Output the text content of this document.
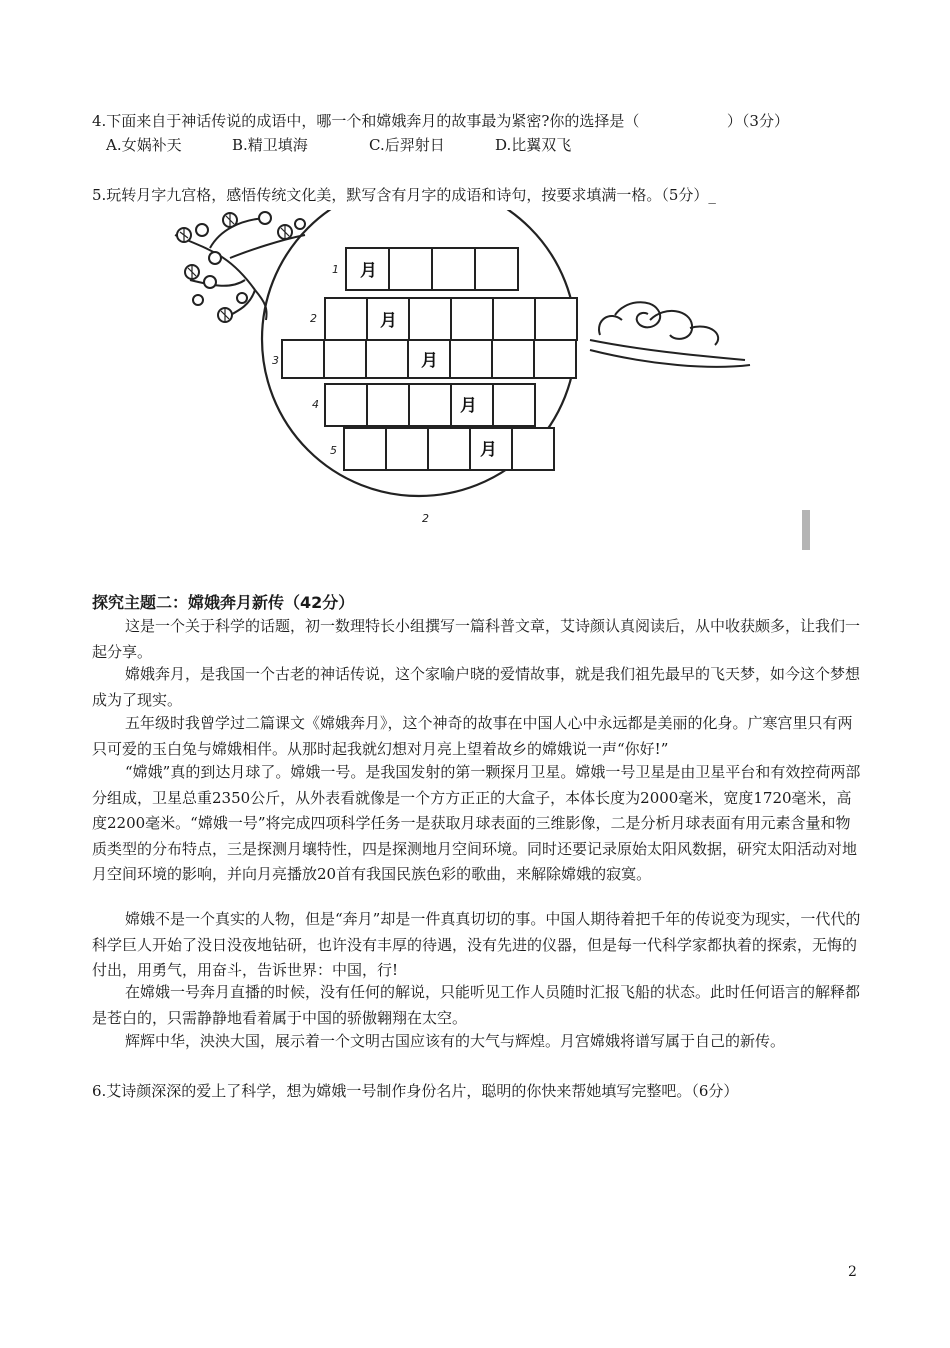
4.下面来自于神话传说的成语中，哪一个和嫦娥奔月的故事最为紧密?你的选择是（	）（3分）
A.女娲补天	B.精卫填海	C.后羿射日	D.比翼双飞
5.玩转月字九宫格，感悟传统文化美，默写含有月字的成语和诗句，按要求填满一格。（5分）_
月
月
月
月
月
1
2
3
4
5
2
探究主题二：嫦娥奔月新传（42分）

这是一个关于科学的话题，初一数理特长小组撰写一篇科普文章，艾诗颜认真阅读后，从中收获颇多，让我们一起分享。

嫦娥奔月，是我国一个古老的神话传说，这个家喻户晓的爱情故事，就是我们祖先最早的飞天梦，如今这个梦想成为了现实。

五年级时我曾学过二篇课文《嫦娥奔月》，这个神奇的故事在中国人心中永远都是美丽的化身。广寒宫里只有两只可爱的玉白兔与嫦娥相伴。从那时起我就幻想对月亮上望着故乡的嫦娥说一声“你好!”

“嫦娥”真的到达月球了。嫦娥一号。是我国发射的第一颗探月卫星。嫦娥一号卫星是由卫星平台和有效控荷两部分组成，卫星总重2350公斤，从外表看就像是一个方方正正的大盒子，本体长度为2000毫米，宽度1720毫米，高度2200毫米。“嫦娥一号”将完成四项科学任务一是获取月球表面的三维影像，二是分析月球表面有用元素含量和物质类型的分布特点，三是探测月壤特性，四是探测地月空间环境。同时还要记录原始太阳风数据，研究太阳活动对地月空间环境的影响，并向月亮播放20首有我国民族色彩的歌曲，来解除嫦娥的寂寞。

嫦娥不是一个真实的人物，但是“奔月”却是一件真真切切的事。中国人期待着把千年的传说变为现实，一代代的科学巨人开始了没日没夜地钻研，也许没有丰厚的待遇，没有先进的仪器，但是每一代科学家都执着的探索，无悔的付出，用勇气，用奋斗，告诉世界：中国，行!

在嫦娥一号奔月直播的时候，没有任何的解说，只能听见工作人员随时汇报飞船的状态。此时任何语言的解释都是苍白的，只需静静地看着属于中国的骄傲翱翔在太空。

辉辉中华，泱泱大国，展示着一个文明古国应该有的大气与辉煌。月宫嫦娥将谱写属于自己的新传。

6.艾诗颜深深的爱上了科学，想为嫦娥一号制作身份名片，聪明的你快来帮她填写完整吧。（6分）
2
